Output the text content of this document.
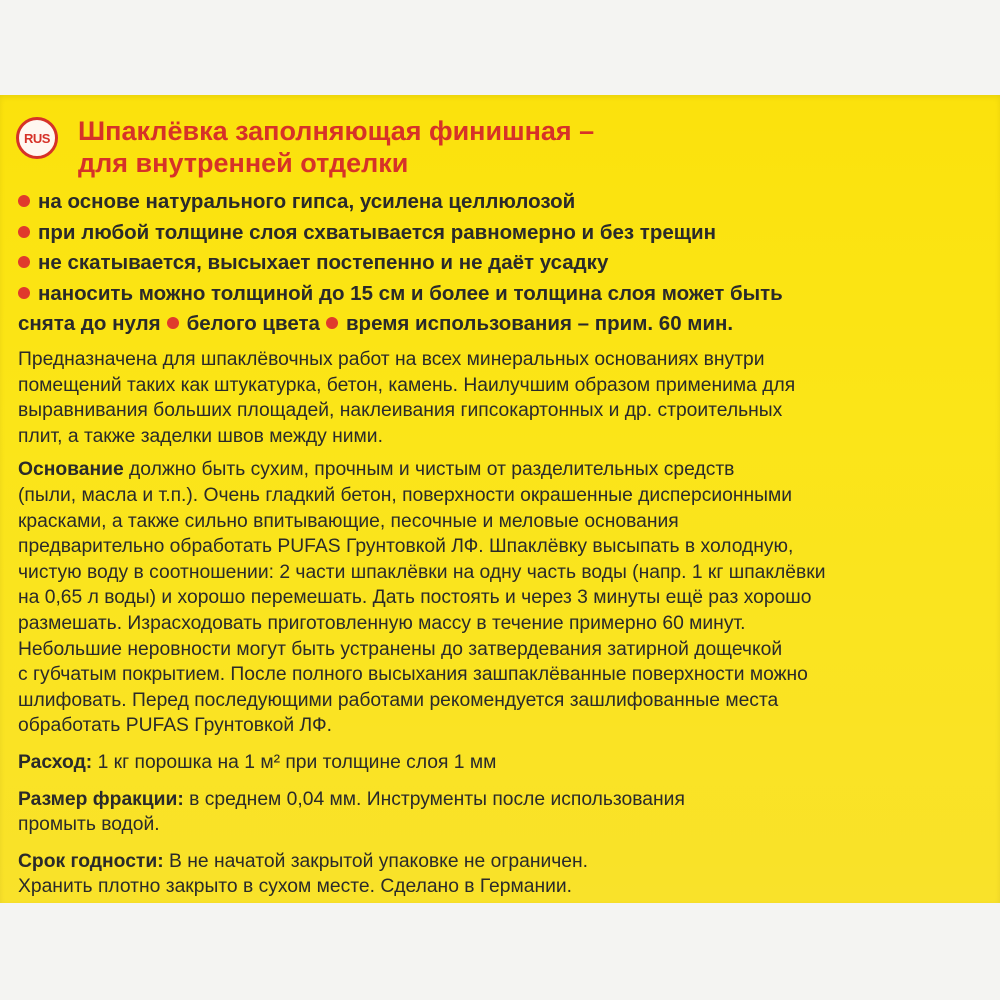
RUS Шпаклёвка заполняющая финишная –
для внутренней отделки
на основе натурального гипса, усилена целлюлозой
при любой толщине слоя схватывается равномерно и без трещин
не скатывается, высыхает постепенно и не даёт усадку
наносить можно толщиной до 15 см и более и толщина слоя может быть
снята до нуля белого цвета время использования – прим. 60 мин.
Предназначена для шпаклёвочных работ на всех минеральных основаниях внутри
помещений таких как штукатурка, бетон, камень. Наилучшим образом применима для
выравнивания больших площадей, наклеивания гипсокартонных и др. строительных
плит, а также заделки швов между ними.
Основание должно быть сухим, прочным и чистым от разделительных средств
(пыли, масла и т.п.). Очень гладкий бетон, поверхности окрашенные дисперсионными
красками, а также сильно впитывающие, песочные и меловые основания
предварительно обработать PUFAS Грунтовкой ЛФ. Шпаклёвку высыпать в холодную,
чистую воду в соотношении: 2 части шпаклёвки на одну часть воды (напр. 1 кг шпаклёвки
на 0,65 л воды) и хорошо перемешать. Дать постоять и через 3 минуты ещё раз хорошо
размешать. Израсходовать приготовленную массу в течение примерно 60 минут.
Небольшие неровности могут быть устранены до затвердевания затирной дощечкой
с губчатым покрытием. После полного высыхания зашпаклёванные поверхности можно
шлифовать. Перед последующими работами рекомендуется зашлифованные места
обработать PUFAS Грунтовкой ЛФ.
Расход: 1 кг порошка на 1 м² при толщине слоя 1 мм
Размер фракции: в среднем 0,04 мм. Инструменты после использования
промыть водой.
Срок годности: В не начатой закрытой упаковке не ограничен.
Хранить плотно закрыто в сухом месте. Сделано в Германии.
